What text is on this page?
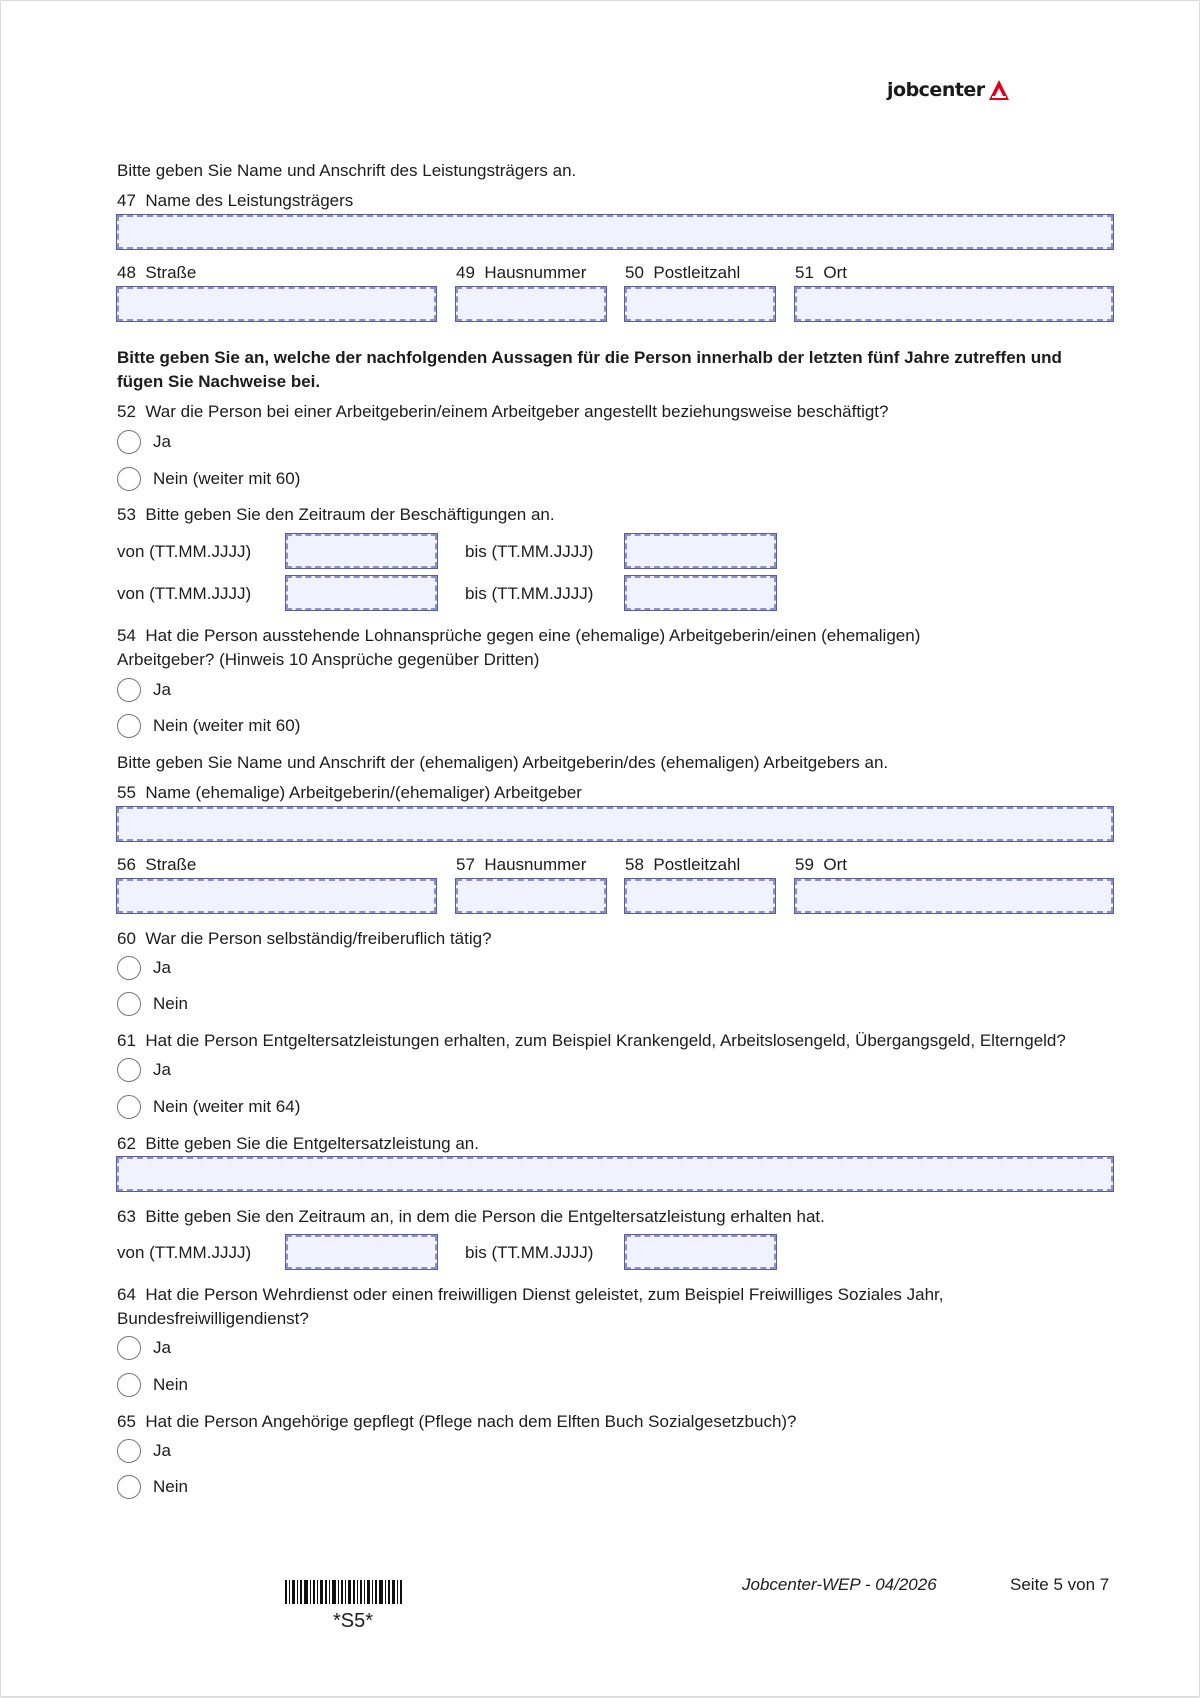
jobcenter
Bitte geben Sie Name und Anschrift des Leistungsträgers an.
47 Name des Leistungsträgers
48 Straße	49 Hausnummer 50 Postleitzahl	51 Ort
Bitte geben Sie an, welche der nachfolgenden Aussagen für die Person innerhalb der letzten fünf Jahre zutreffen und
fügen Sie Nachweise bei.
52 War die Person bei einer Arbeitgeberin/einem Arbeitgeber angestellt beziehungsweise beschäftigt?
Ja
Nein (weiter mit 60)
53 Bitte geben Sie den Zeitraum der Beschäftigungen an.
von (TT.MM.JJJJ)	bis (TT.MM.JJJJ)
von (TT.MM.JJJJ)	bis (TT.MM.JJJJ)
54 Hat die Person ausstehende Lohnansprüche gegen eine (ehemalige) Arbeitgeberin/einen (ehemaligen)
Arbeitgeber? (Hinweis 10 Ansprüche gegenüber Dritten)
Ja
Nein (weiter mit 60)
Bitte geben Sie Name und Anschrift der (ehemaligen) Arbeitgeberin/des (ehemaligen) Arbeitgebers an.
55 Name (ehemalige) Arbeitgeberin/(ehemaliger) Arbeitgeber
56 Straße	57 Hausnummer 58 Postleitzahl	59 Ort
60 War die Person selbständig/freiberuflich tätig?
Ja
Nein
61 Hat die Person Entgeltersatzleistungen erhalten, zum Beispiel Krankengeld, Arbeitslosengeld, Übergangsgeld, Elterngeld?
Ja
Nein (weiter mit 64)
62 Bitte geben Sie die Entgeltersatzleistung an.
63 Bitte geben Sie den Zeitraum an, in dem die Person die Entgeltersatzleistung erhalten hat.
von (TT.MM.JJJJ)	bis (TT.MM.JJJJ)
64 Hat die Person Wehrdienst oder einen freiwilligen Dienst geleistet, zum Beispiel Freiwilliges Soziales Jahr,
Bundesfreiwilligendienst?
Ja
Nein
65 Hat die Person Angehörige gepflegt (Pflege nach dem Elften Buch Sozialgesetzbuch)?
Ja
Nein
*S5*
Jobcenter-WEP - 04/2026	Seite 5 von 7
